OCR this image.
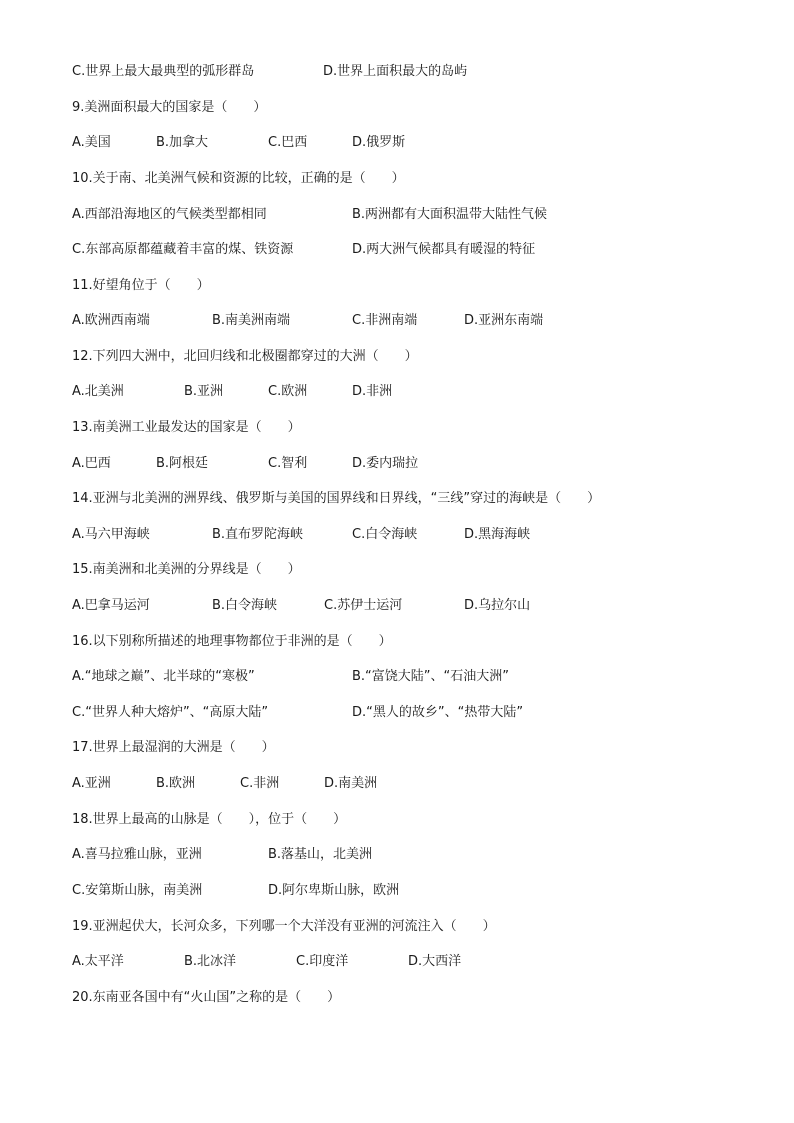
C.世界上最大最典型的弧形群岛	D.世界上面积最大的岛屿
9.美洲面积最大的国家是（　　）
A.美国	B.加拿大	C.巴西	D.俄罗斯
10.关于南、北美洲气候和资源的比较，正确的是（　　）
A.西部沿海地区的气候类型都相同	B.两洲都有大面积温带大陆性气候
C.东部高原都蕴藏着丰富的煤、铁资源	D.两大洲气候都具有暖湿的特征
11.好望角位于（　　）
A.欧洲西南端	B.南美洲南端	C.非洲南端	D.亚洲东南端
12.下列四大洲中，北回归线和北极圈都穿过的大洲（　　）
A.北美洲	B.亚洲	C.欧洲	D.非洲
13.南美洲工业最发达的国家是（　　）
A.巴西	B.阿根廷	C.智利	D.委内瑞拉
14.亚洲与北美洲的洲界线、俄罗斯与美国的国界线和日界线，“三线”穿过的海峡是（　　）
A.马六甲海峡	B.直布罗陀海峡	C.白令海峡	D.黑海海峡
15.南美洲和北美洲的分界线是（　　）
A.巴拿马运河	B.白令海峡	C.苏伊士运河	D.乌拉尔山
16.以下别称所描述的地理事物都位于非洲的是（　　）
A.“地球之巅”、北半球的“寒极”	B.“富饶大陆”、“石油大洲”
C.“世界人种大熔炉”、“高原大陆”	D.“黑人的故乡”、“热带大陆”
17.世界上最湿润的大洲是（　　）
A.亚洲	B.欧洲	C.非洲	D.南美洲
18.世界上最高的山脉是（　　），位于（　　）
A.喜马拉雅山脉，亚洲	B.落基山，北美洲
C.安第斯山脉，南美洲	D.阿尔卑斯山脉，欧洲
19.亚洲起伏大，长河众多，下列哪一个大洋没有亚洲的河流注入（　　）
A.太平洋	B.北冰洋	C.印度洋	D.大西洋
20.东南亚各国中有“火山国”之称的是（　　）
